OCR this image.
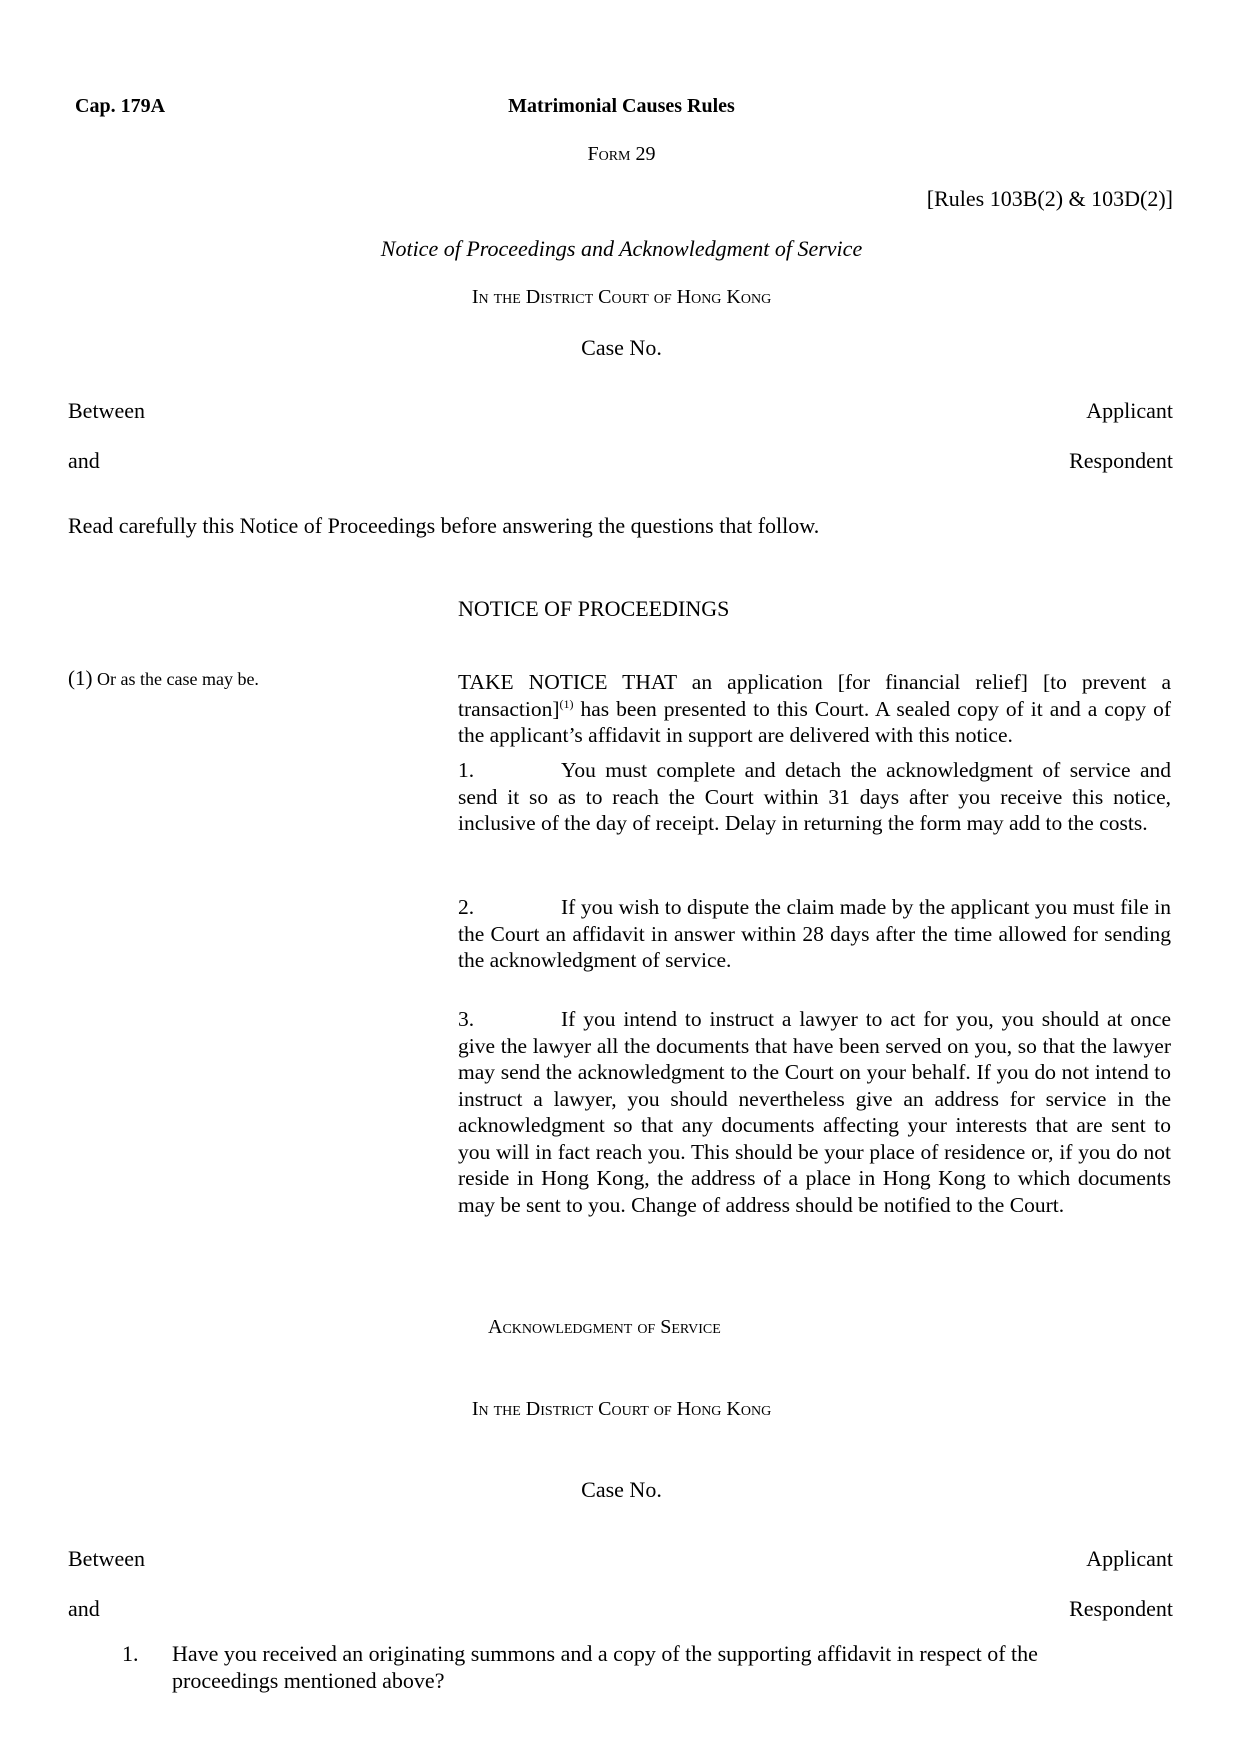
Cap. 179A	Matrimonial Causes Rules
Form 29
[Rules 103B(2) & 103D(2)]
Notice of Proceedings and Acknowledgment of Service
In the District Court of Hong Kong
Case No.
Between	Applicant
and	Respondent
Read carefully this Notice of Proceedings before answering the questions that follow.
NOTICE OF PROCEEDINGS
(1) Or as the case may be.	TAKE NOTICE THAT an application [for financial relief] [to prevent a transaction]$^{(1)}$ has been presented to this Court. A sealed copy of it and a copy of the applicant’s affidavit in support are delivered with this notice.
1.	You must complete and detach the acknowledgment of service and send it so as to reach the Court within 31 days after you receive this notice, inclusive of the day of receipt. Delay in returning the form may add to the costs.
2.	If you wish to dispute the claim made by the applicant you must file in the Court an affidavit in answer within 28 days after the time allowed for sending the acknowledgment of service.
3.	If you intend to instruct a lawyer to act for you, you should at once give the lawyer all the documents that have been served on you, so that the lawyer may send the acknowledgment to the Court on your behalf. If you do not intend to instruct a lawyer, you should nevertheless give an address for service in the acknowledgment so that any documents affecting your interests that are sent to you will in fact reach you. This should be your place of residence or, if you do not reside in Hong Kong, the address of a place in Hong Kong to which documents may be sent to you. Change of address should be notified to the Court.
Acknowledgment of Service
In the District Court of Hong Kong
Case No.
Between	Applicant
and	Respondent
1. Have you received an originating summons and a copy of the supporting affidavit in respect of the proceedings mentioned above?
